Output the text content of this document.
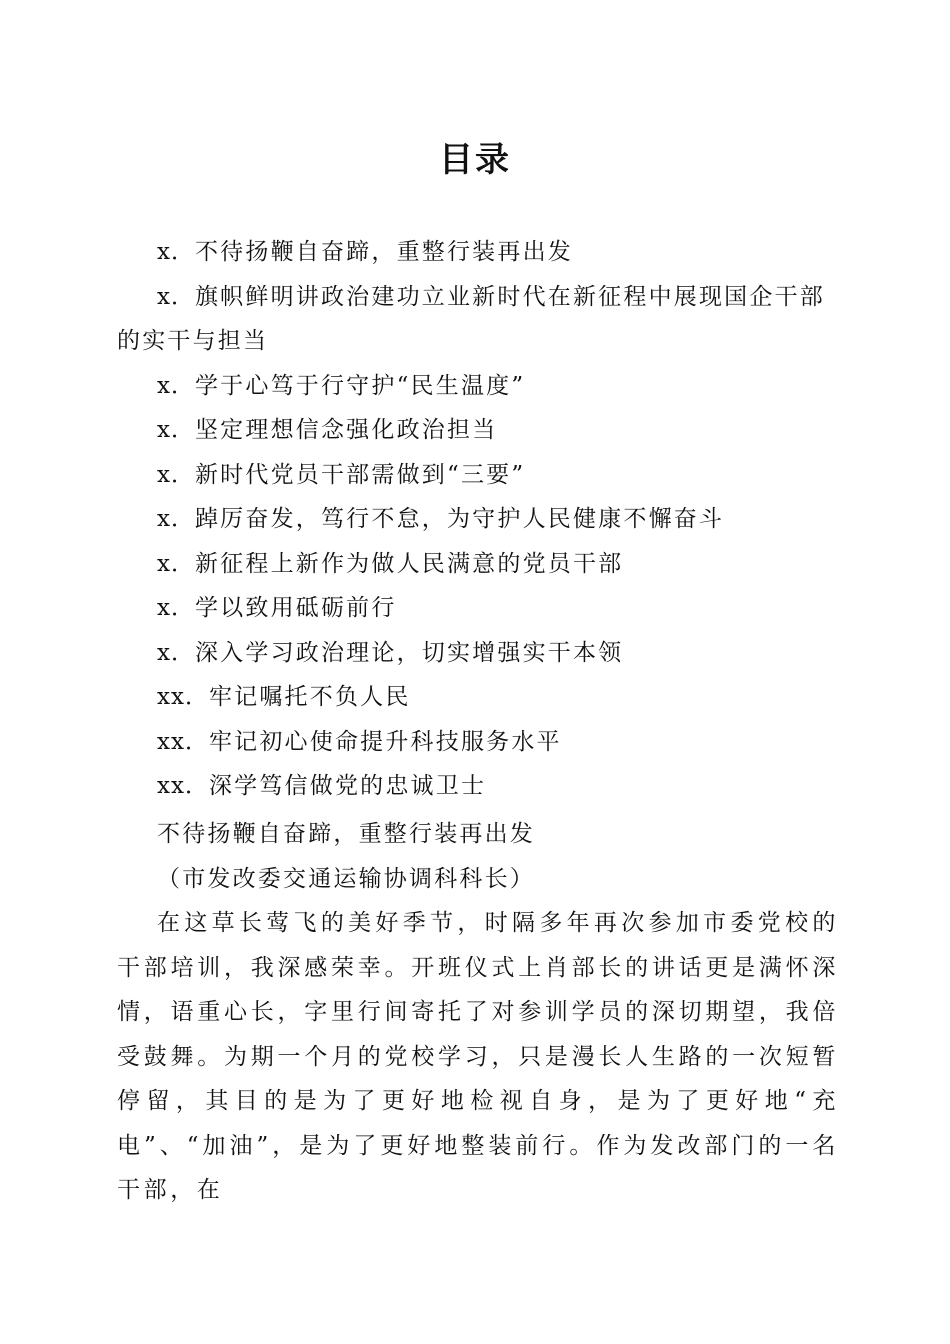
目录
x．不待扬鞭自奋蹄，重整行装再出发
x．旗帜鲜明讲政治建功立业新时代在新征程中展现国企干部的实干与担当
x．学于心笃于行守护“民生温度”
x．坚定理想信念强化政治担当
x．新时代党员干部需做到“三要”
x．踔厉奋发，笃行不怠，为守护人民健康不懈奋斗
x．新征程上新作为做人民满意的党员干部
x．学以致用砥砺前行
x．深入学习政治理论，切实增强实干本领
xx．牢记嘱托不负人民
xx．牢记初心使命提升科技服务水平
xx．深学笃信做党的忠诚卫士

不待扬鞭自奋蹄，重整行装再出发

（市发改委交通运输协调科科长）

在这草长莺飞的美好季节，时隔多年再次参加市委党校的干部培训，我深感荣幸。开班仪式上肖部长的讲话更是满怀深情，语重心长，字里行间寄托了对参训学员的深切期望，我倍受鼓舞。为期一个月的党校学习，只是漫长人生路的一次短暂停留，其目的是为了更好地检视自身，是为了更好地“充电”、“加油”，是为了更好地整装前行。作为发改部门的一名干部，在
